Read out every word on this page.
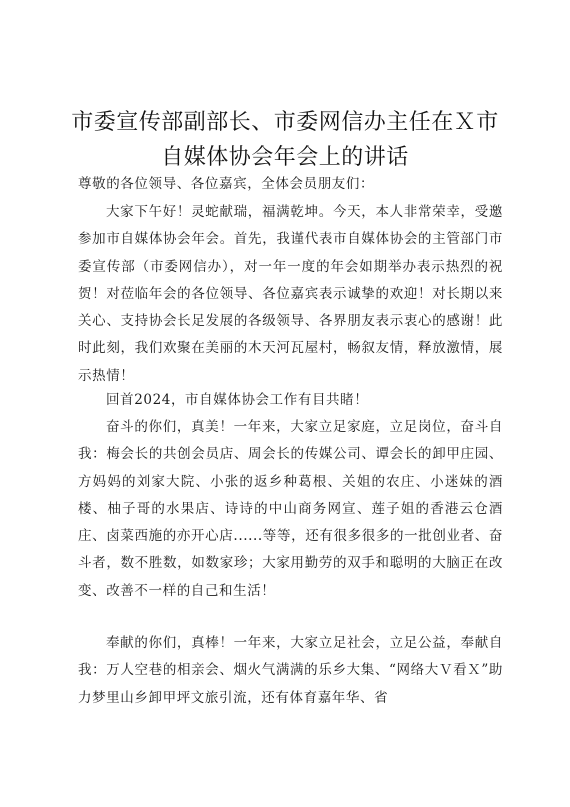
市委宣传部副部长、市委网信办主任在Ｘ市
自媒体协会年会上的讲话

尊敬的各位领导、各位嘉宾，全体会员朋友们：

大家下午好！灵蛇献瑞，福满乾坤。今天，本人非常荣幸，受邀参加市自媒体协会年会。首先，我谨代表市自媒体协会的主管部门市委宣传部（市委网信办），对一年一度的年会如期举办表示热烈的祝贺！对莅临年会的各位领导、各位嘉宾表示诚挚的欢迎！对长期以来关心、支持协会长足发展的各级领导、各界朋友表示衷心的感谢！此时此刻，我们欢聚在美丽的木天河瓦屋村，畅叙友情，释放激情，展示热情！

回首2024，市自媒体协会工作有目共睹！

奋斗的你们，真美！一年来，大家立足家庭，立足岗位，奋斗自我：梅会长的共创会员店、周会长的传媒公司、谭会长的卸甲庄园、方妈妈的刘家大院、小张的返乡种葛根、关姐的农庄、小迷妹的酒楼、柚子哥的水果店、诗诗的中山商务网宣、莲子姐的香港云仓酒庄、卤菜西施的亦开心店......等等，还有很多很多的一批创业者、奋斗者，数不胜数，如数家珍；大家用勤劳的双手和聪明的大脑正在改变、改善不一样的自己和生活！

奉献的你们，真棒！一年来，大家立足社会，立足公益，奉献自我：万人空巷的相亲会、烟火气满满的乐乡大集、“网络大Ｖ看Ｘ”助力梦里山乡卸甲坪文旅引流，还有体育嘉年华、省
